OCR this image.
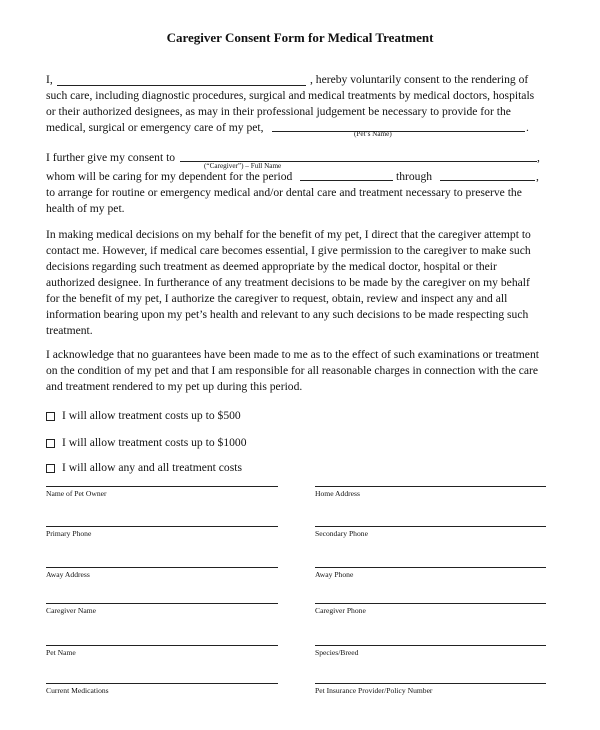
Caregiver Consent Form for Medical Treatment
I,	, hereby voluntarily consent to the rendering of
such care, including diagnostic procedures, surgical and medical treatments by medical doctors, hospitals
or their authorized designees, as may in their professional judgement be necessary to provide for the
medical, surgical or emergency care of my pet,	.
(Pet’s Name)
I further give my consent to	,
(“Caregiver”) – Full Name
whom will be caring for my dependent for the period	through	,
to arrange for routine or emergency medical and/or dental care and treatment necessary to preserve the
health of my pet.
In making medical decisions on my behalf for the benefit of my pet, I direct that the caregiver attempt to
contact me. However, if medical care becomes essential, I give permission to the caregiver to make such
decisions regarding such treatment as deemed appropriate by the medical doctor, hospital or their
authorized designee. In furtherance of any treatment decisions to be made by the caregiver on my behalf
for the benefit of my pet, I authorize the caregiver to request, obtain, review and inspect any and all
information bearing upon my pet’s health and relevant to any such decisions to be made respecting such
treatment.
I acknowledge that no guarantees have been made to me as to the effect of such examinations or treatment
on the condition of my pet and that I am responsible for all reasonable charges in connection with the care
and treatment rendered to my pet up during this period.
I will allow treatment costs up to $500
I will allow treatment costs up to $1000
I will allow any and all treatment costs
Name of Pet Owner	Home Address
Primary Phone	Secondary Phone
Away Address	Away Phone
Caregiver Name	Caregiver Phone
Pet Name	Species/Breed
Current Medications	Pet Insurance Provider/Policy Number
